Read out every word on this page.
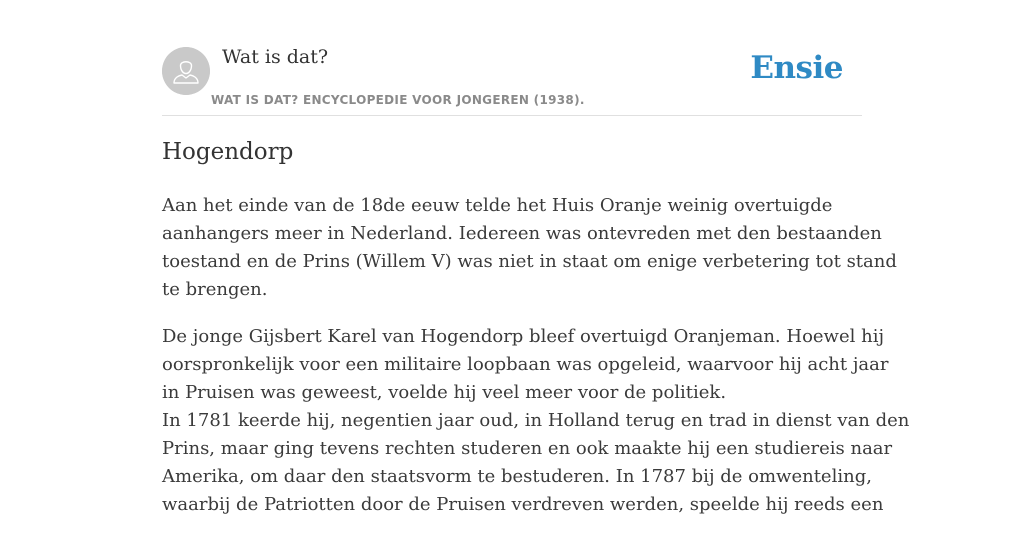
Wat is dat?
WAT IS DAT? ENCYCLOPEDIE VOOR JONGEREN (1938).
Ensie
Hogendorp

Aan het einde van de 18de eeuw telde het Huis Oranje weinig overtuigde
aanhangers meer in Nederland. Iedereen was ontevreden met den bestaanden
toestand en de Prins (Willem V) was niet in staat om enige verbetering tot stand
te brengen.

De jonge Gijsbert Karel van Hogendorp bleef overtuigd Oranjeman. Hoewel hij
oorspronkelijk voor een militaire loopbaan was opgeleid, waarvoor hij acht jaar
in Pruisen was geweest, voelde hij veel meer voor de politiek.
In 1781 keerde hij, negentien jaar oud, in Holland terug en trad in dienst van den
Prins, maar ging tevens rechten studeren en ook maakte hij een studiereis naar
Amerika, om daar den staatsvorm te bestuderen. In 1787 bij de omwenteling,
waarbij de Patriotten door de Pruisen verdreven werden, speelde hij reeds een
